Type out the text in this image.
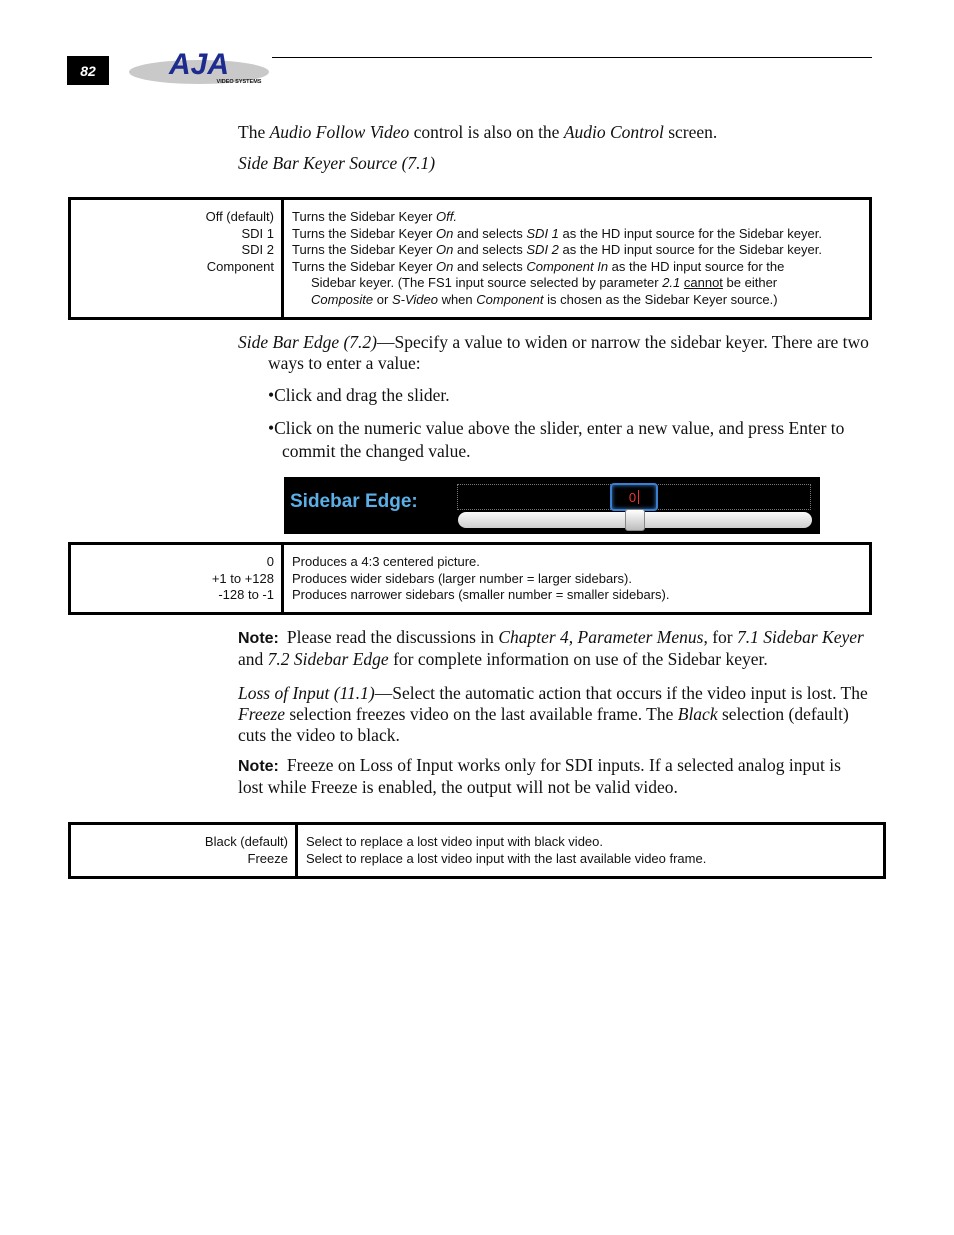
82	AJA
VIDEO SYSTEMS
The Audio Follow Video control is also on the Audio Control screen.
Side Bar Keyer Source (7.1)
Off (default)
SDI 1
SDI 2
Component
Turns the Sidebar Keyer Off.
Turns the Sidebar Keyer On and selects SDI 1 as the HD input source for the Sidebar keyer.
Turns the Sidebar Keyer On and selects SDI 2 as the HD input source for the Sidebar keyer.
Turns the Sidebar Keyer On and selects Component In as the HD input source for the
Sidebar keyer. (The FS1 input source selected by parameter 2.1 cannot be either
Composite or S-Video when Component is chosen as the Sidebar Keyer source.)
Side Bar Edge (7.2)—Specify a value to widen or narrow the sidebar keyer. There are two ways to enter a value:
•Click and drag the slider.
•Click on the numeric value above the slider, enter a new value, and press Enter to commit the changed value.
Sidebar Edge:	0
0
+1 to +128
-128 to -1
Produces a 4:3 centered picture.
Produces wider sidebars (larger number = larger sidebars).
Produces narrower sidebars (smaller number = smaller sidebars).
Note: Please read the discussions in Chapter 4, Parameter Menus, for 7.1 Sidebar Keyer and 7.2 Sidebar Edge for complete information on use of the Sidebar keyer.
Loss of Input (11.1)—Select the automatic action that occurs if the video input is lost. The Freeze selection freezes video on the last available frame. The Black selection (default) cuts the video to black.
Note: Freeze on Loss of Input works only for SDI inputs. If a selected analog input is lost while Freeze is enabled, the output will not be valid video.
Black (default)
Freeze
Select to replace a lost video input with black video.
Select to replace a lost video input with the last available video frame.
